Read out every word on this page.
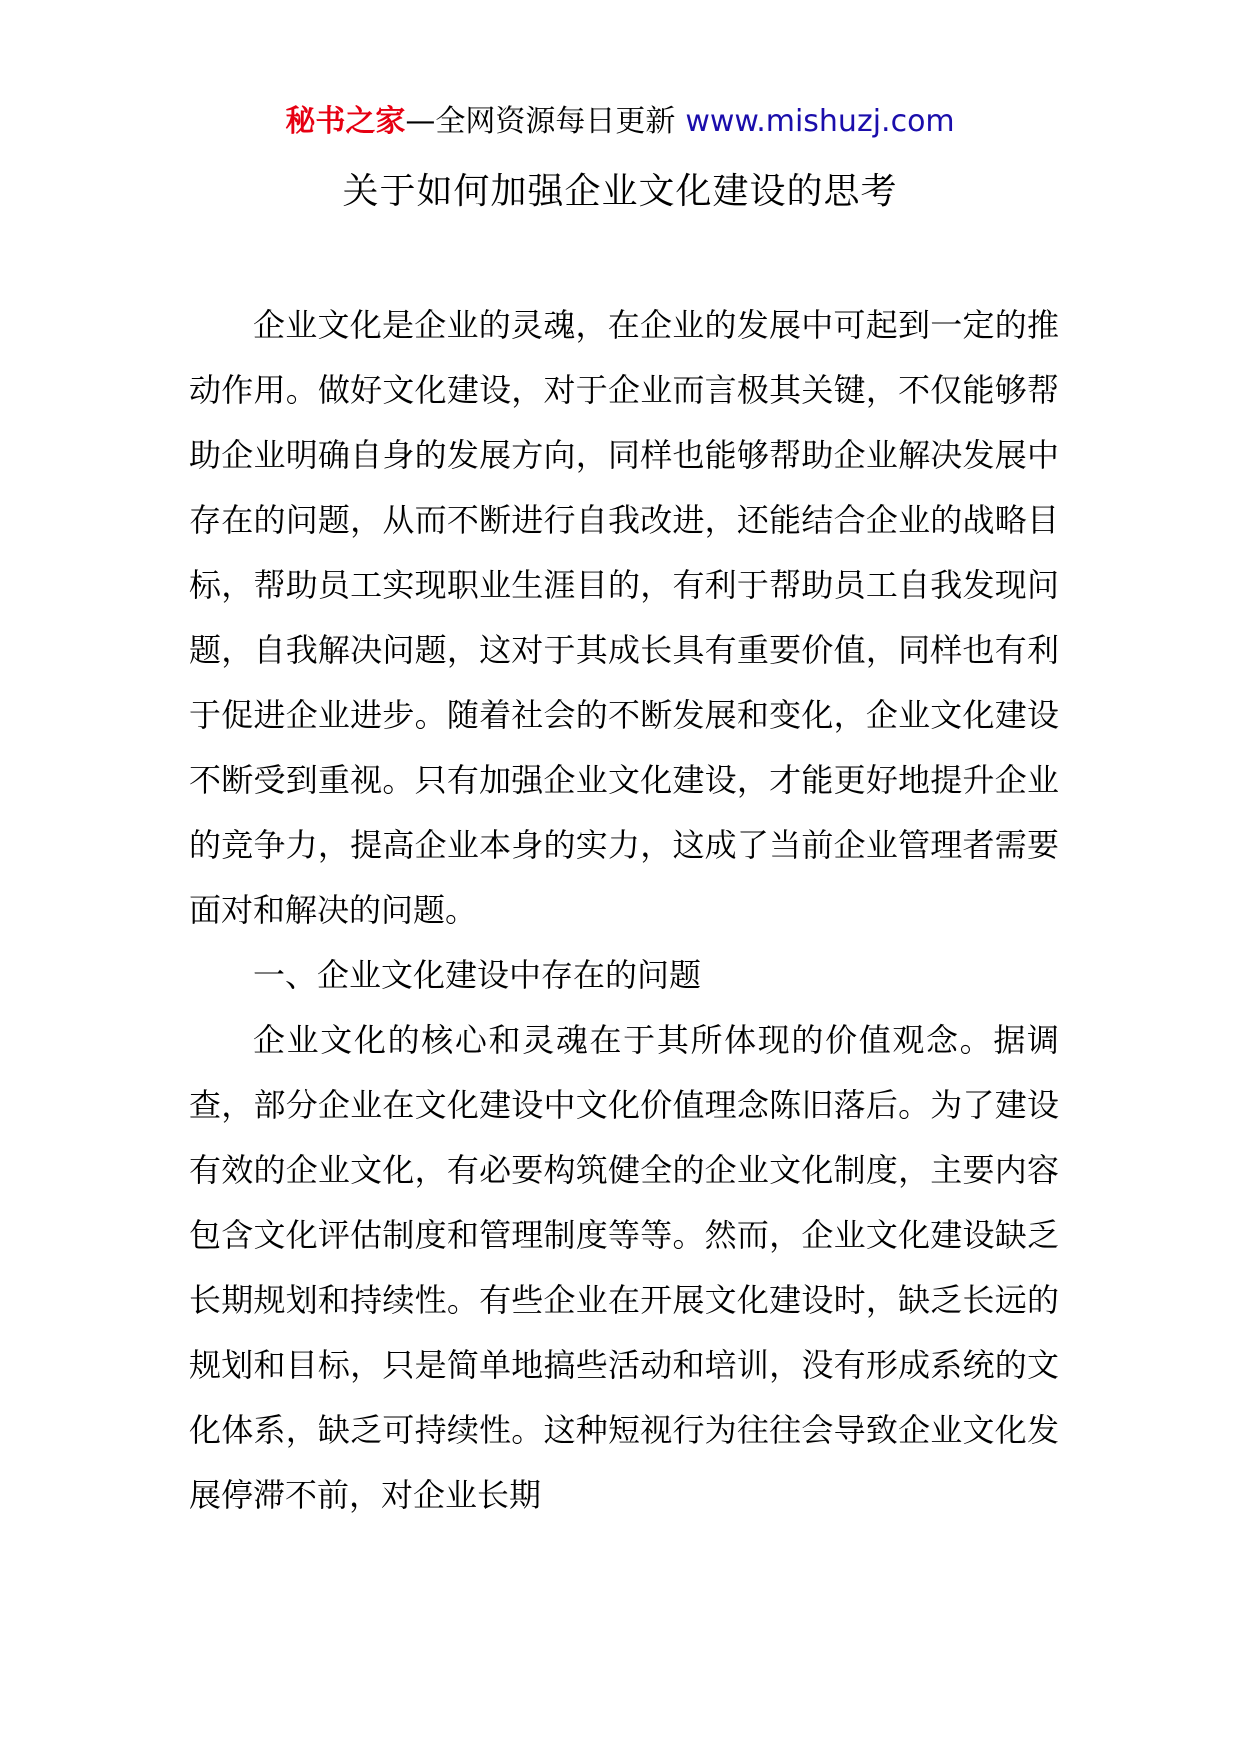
秘书之家—全网资源每日更新 www.mishuzj.com
关于如何加强企业文化建设的思考

企业文化是企业的灵魂，在企业的发展中可起到一定的推动作用。做好文化建设，对于企业而言极其关键，不仅能够帮助企业明确自身的发展方向，同样也能够帮助企业解决发展中存在的问题，从而不断进行自我改进，还能结合企业的战略目标，帮助员工实现职业生涯目的，有利于帮助员工自我发现问题，自我解决问题，这对于其成长具有重要价值，同样也有利于促进企业进步。随着社会的不断发展和变化，企业文化建设不断受到重视。只有加强企业文化建设，才能更好地提升企业的竞争力，提高企业本身的实力，这成了当前企业管理者需要面对和解决的问题。

一、企业文化建设中存在的问题

企业文化的核心和灵魂在于其所体现的价值观念。据调查，部分企业在文化建设中文化价值理念陈旧落后。为了建设有效的企业文化，有必要构筑健全的企业文化制度，主要内容包含文化评估制度和管理制度等等。然而，企业文化建设缺乏长期规划和持续性。有些企业在开展文化建设时，缺乏长远的规划和目标，只是简单地搞些活动和培训，没有形成系统的文化体系，缺乏可持续性。这种短视行为往往会导致企业文化发展停滞不前，对企业长期
